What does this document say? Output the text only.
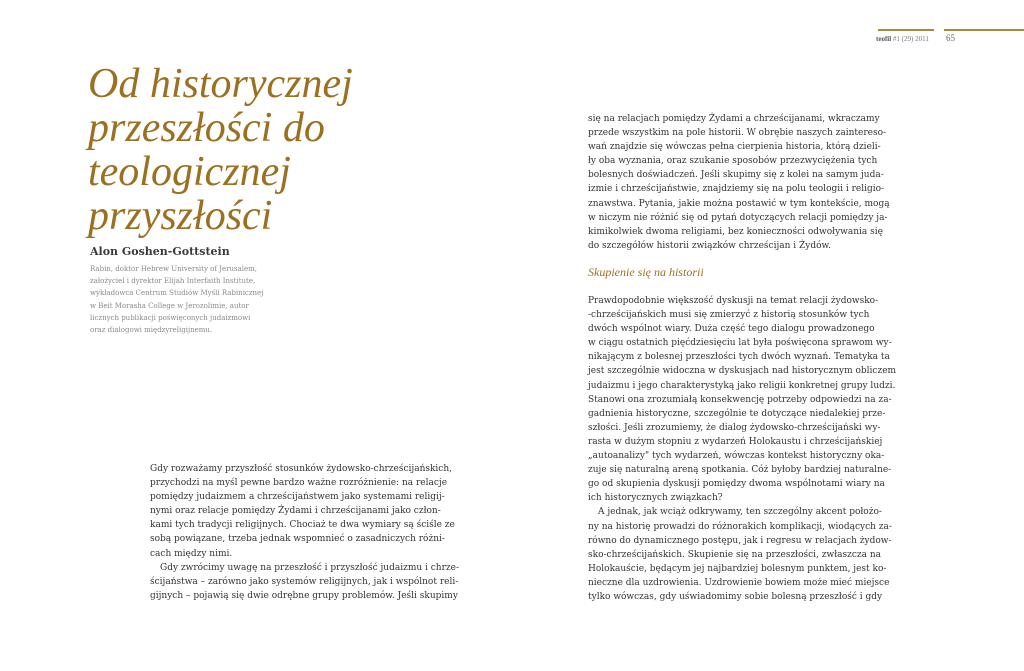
teofil #1 (29) 2011 65
Od historycznej
przeszłości do
teologicznej
przyszłości
Alon Goshen-Gottstein
Rabin, doktor Hebrew University of Jerusalem,
założyciel i dyrektor Elijah Interfaith Institute,
wykładowca Centrum Studiów Myśli Rabinicznej
w Beit Morasha College w Jerozolimie, autor
licznych publikacji poświęconych judaizmowi
oraz dialogowi międzyreligijnemu.
Gdy rozważamy przyszłość stosunków żydowsko-chrześcijańskich,
przychodzi na myśl pewne bardzo ważne rozróżnienie: na relacje
pomiędzy judaizmem a chrześcijaństwem jako systemami religij-
nymi oraz relacje pomiędzy Żydami i chrześcijanami jako człon-
kami tych tradycji religijnych. Chociaż te dwa wymiary są ściśle ze
sobą powiązane, trzeba jednak wspomnieć o zasadniczych różni-
cach między nimi.
Gdy zwrócimy uwagę na przeszłość i przyszłość judaizmu i chrze-
ścijaństwa – zarówno jako systemów religijnych, jak i wspólnot reli-
gijnych – pojawią się dwie odrębne grupy problemów. Jeśli skupimy
się na relacjach pomiędzy Żydami a chrześcijanami, wkraczamy
przede wszystkim na pole historii. W obrębie naszych zaintereso-
wań znajdzie się wówczas pełna cierpienia historia, którą dzieli-
ły oba wyznania, oraz szukanie sposobów przezwyciężenia tych
bolesnych doświadczeń. Jeśli skupimy się z kolei na samym juda-
izmie i chrześcijaństwie, znajdziemy się na polu teologii i religio-
znawstwa. Pytania, jakie można postawić w tym kontekście, mogą
w niczym nie różnić się od pytań dotyczących relacji pomiędzy ja-
kimikolwiek dwoma religiami, bez konieczności odwoływania się
do szczegółów historii związków chrześcijan i Żydów.
Skupienie się na historii
Prawdopodobnie większość dyskusji na temat relacji żydowsko-
-chrześcijańskich musi się zmierzyć z historią stosunków tych
dwóch wspólnot wiary. Duża część tego dialogu prowadzonego
w ciągu ostatnich pięćdziesięciu lat była poświęcona sprawom wy-
nikającym z bolesnej przeszłości tych dwóch wyznań. Tematyka ta
jest szczególnie widoczna w dyskusjach nad historycznym obliczem
judaizmu i jego charakterystyką jako religii konkretnej grupy ludzi.
Stanowi ona zrozumiałą konsekwencję potrzeby odpowiedzi na za-
gadnienia historyczne, szczególnie te dotyczące niedalekiej prze-
szłości. Jeśli zrozumiemy, że dialog żydowsko-chrześcijański wy-
rasta w dużym stopniu z wydarzeń Holokaustu i chrześcijańskiej
„autoanalizy" tych wydarzeń, wówczas kontekst historyczny oka-
zuje się naturalną areną spotkania. Cóż byłoby bardziej naturalne-
go od skupienia dyskusji pomiędzy dwoma wspólnotami wiary na
ich historycznych związkach?
A jednak, jak wciąż odkrywamy, ten szczególny akcent położo-
ny na historię prowadzi do różnorakich komplikacji, wiodących za-
równo do dynamicznego postępu, jak i regresu w relacjach żydow-
sko-chrześcijańskich. Skupienie się na przeszłości, zwłaszcza na
Holokauście, będącym jej najbardziej bolesnym punktem, jest ko-
nieczne dla uzdrowienia. Uzdrowienie bowiem może mieć miejsce
tylko wówczas, gdy uświadomimy sobie bolesną przeszłość i gdy
